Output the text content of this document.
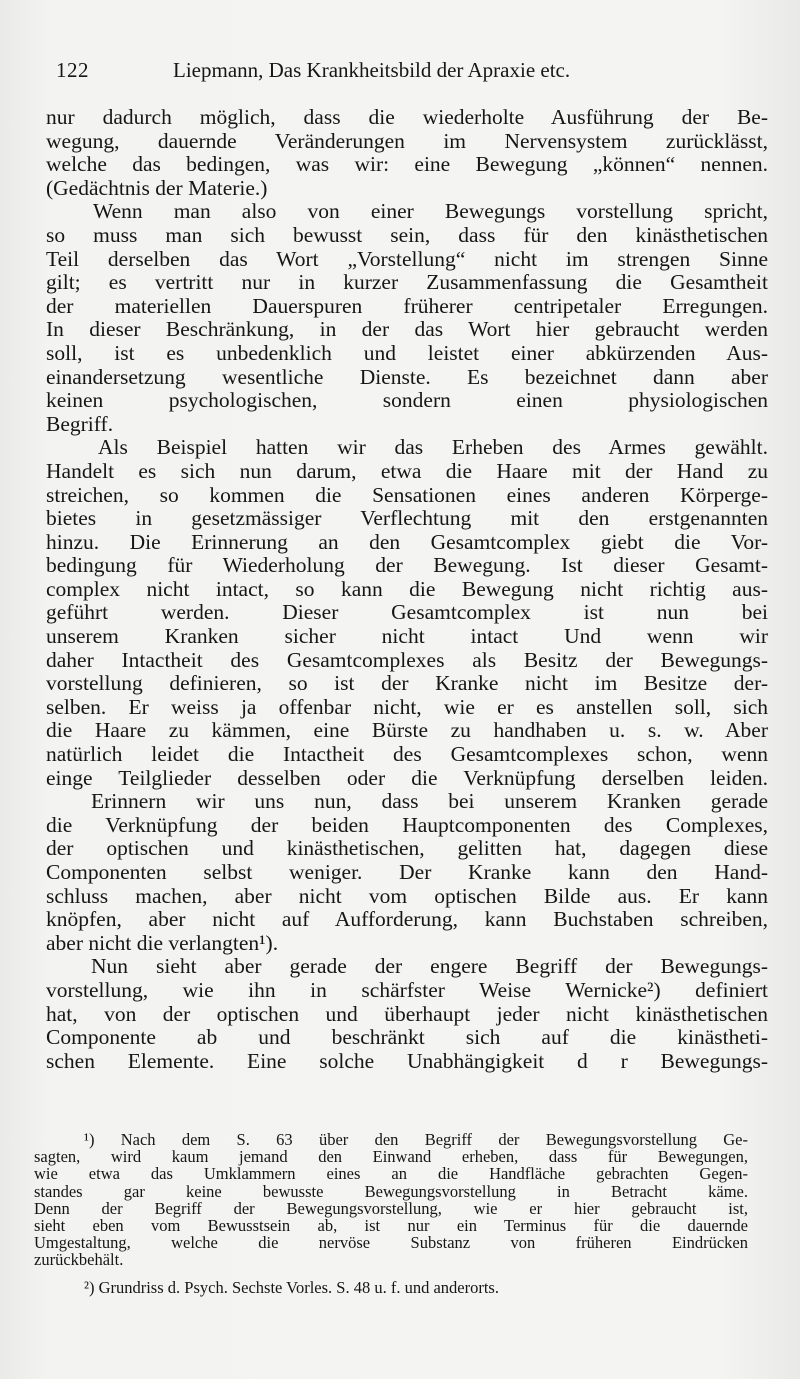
122	Liepmann, Das Krankheitsbild der Apraxie etc.
nur dadurch möglich, dass die wiederholte Ausführung der Be-
wegung, dauernde Veränderungen im Nervensystem zurücklässt,
welche das bedingen, was wir: eine Bewegung „können“ nennen.
(Gedächtnis der Materie.)
Wenn man also von einer Bewegungs vorstellung spricht,
so muss man sich bewusst sein, dass für den kinästhetischen
Teil derselben das Wort „Vorstellung“ nicht im strengen Sinne
gilt; es vertritt nur in kurzer Zusammenfassung die Gesamtheit
der materiellen Dauerspuren früherer centripetaler Erregungen.
In dieser Beschränkung, in der das Wort hier gebraucht werden
soll, ist es unbedenklich und leistet einer abkürzenden Aus-
einandersetzung wesentliche Dienste. Es bezeichnet dann aber
keinen psychologischen, sondern einen physiologischen
Begriff.
Als Beispiel hatten wir das Erheben des Armes gewählt.
Handelt es sich nun darum, etwa die Haare mit der Hand zu
streichen, so kommen die Sensationen eines anderen Körperge-
bietes in gesetzmässiger Verflechtung mit den erstgenannten
hinzu. Die Erinnerung an den Gesamtcomplex giebt die Vor-
bedingung für Wiederholung der Bewegung. Ist dieser Gesamt-
complex nicht intact, so kann die Bewegung nicht richtig aus-
geführt werden. Dieser Gesamtcomplex ist nun bei
unserem Kranken sicher nicht intact Und wenn wir
daher Intactheit des Gesamtcomplexes als Besitz der Bewegungs-
vorstellung definieren, so ist der Kranke nicht im Besitze der-
selben. Er weiss ja offenbar nicht, wie er es anstellen soll, sich
die Haare zu kämmen, eine Bürste zu handhaben u. s. w. Aber
natürlich leidet die Intactheit des Gesamtcomplexes schon, wenn
einge Teilglieder desselben oder die Verknüpfung derselben leiden.
Erinnern wir uns nun, dass bei unserem Kranken gerade
die Verknüpfung der beiden Hauptcomponenten des Complexes,
der optischen und kinästhetischen, gelitten hat, dagegen diese
Componenten selbst weniger. Der Kranke kann den Hand-
schluss machen, aber nicht vom optischen Bilde aus. Er kann
knöpfen, aber nicht auf Aufforderung, kann Buchstaben schreiben,
aber nicht die verlangten¹).
Nun sieht aber gerade der engere Begriff der Bewegungs-
vorstellung, wie ihn in schärfster Weise Wernicke²) definiert
hat, von der optischen und überhaupt jeder nicht kinästhetischen
Componente ab und beschränkt sich auf die kinästheti-
schen Elemente. Eine solche Unabhängigkeit d r Bewegungs-
¹) Nach dem S. 63 über den Begriff der Bewegungsvorstellung Ge-
sagten, wird kaum jemand den Einwand erheben, dass für Bewegungen,
wie etwa das Umklammern eines an die Handfläche gebrachten Gegen-
standes gar keine bewusste Bewegungsvorstellung in Betracht käme.
Denn der Begriff der Bewegungsvorstellung, wie er hier gebraucht ist,
sieht eben vom Bewusstsein ab, ist nur ein Terminus für die dauernde
Umgestaltung, welche die nervöse Substanz von früheren Eindrücken
zurückbehält.
²) Grundriss d. Psych. Sechste Vorles. S. 48 u. f. und anderorts.
